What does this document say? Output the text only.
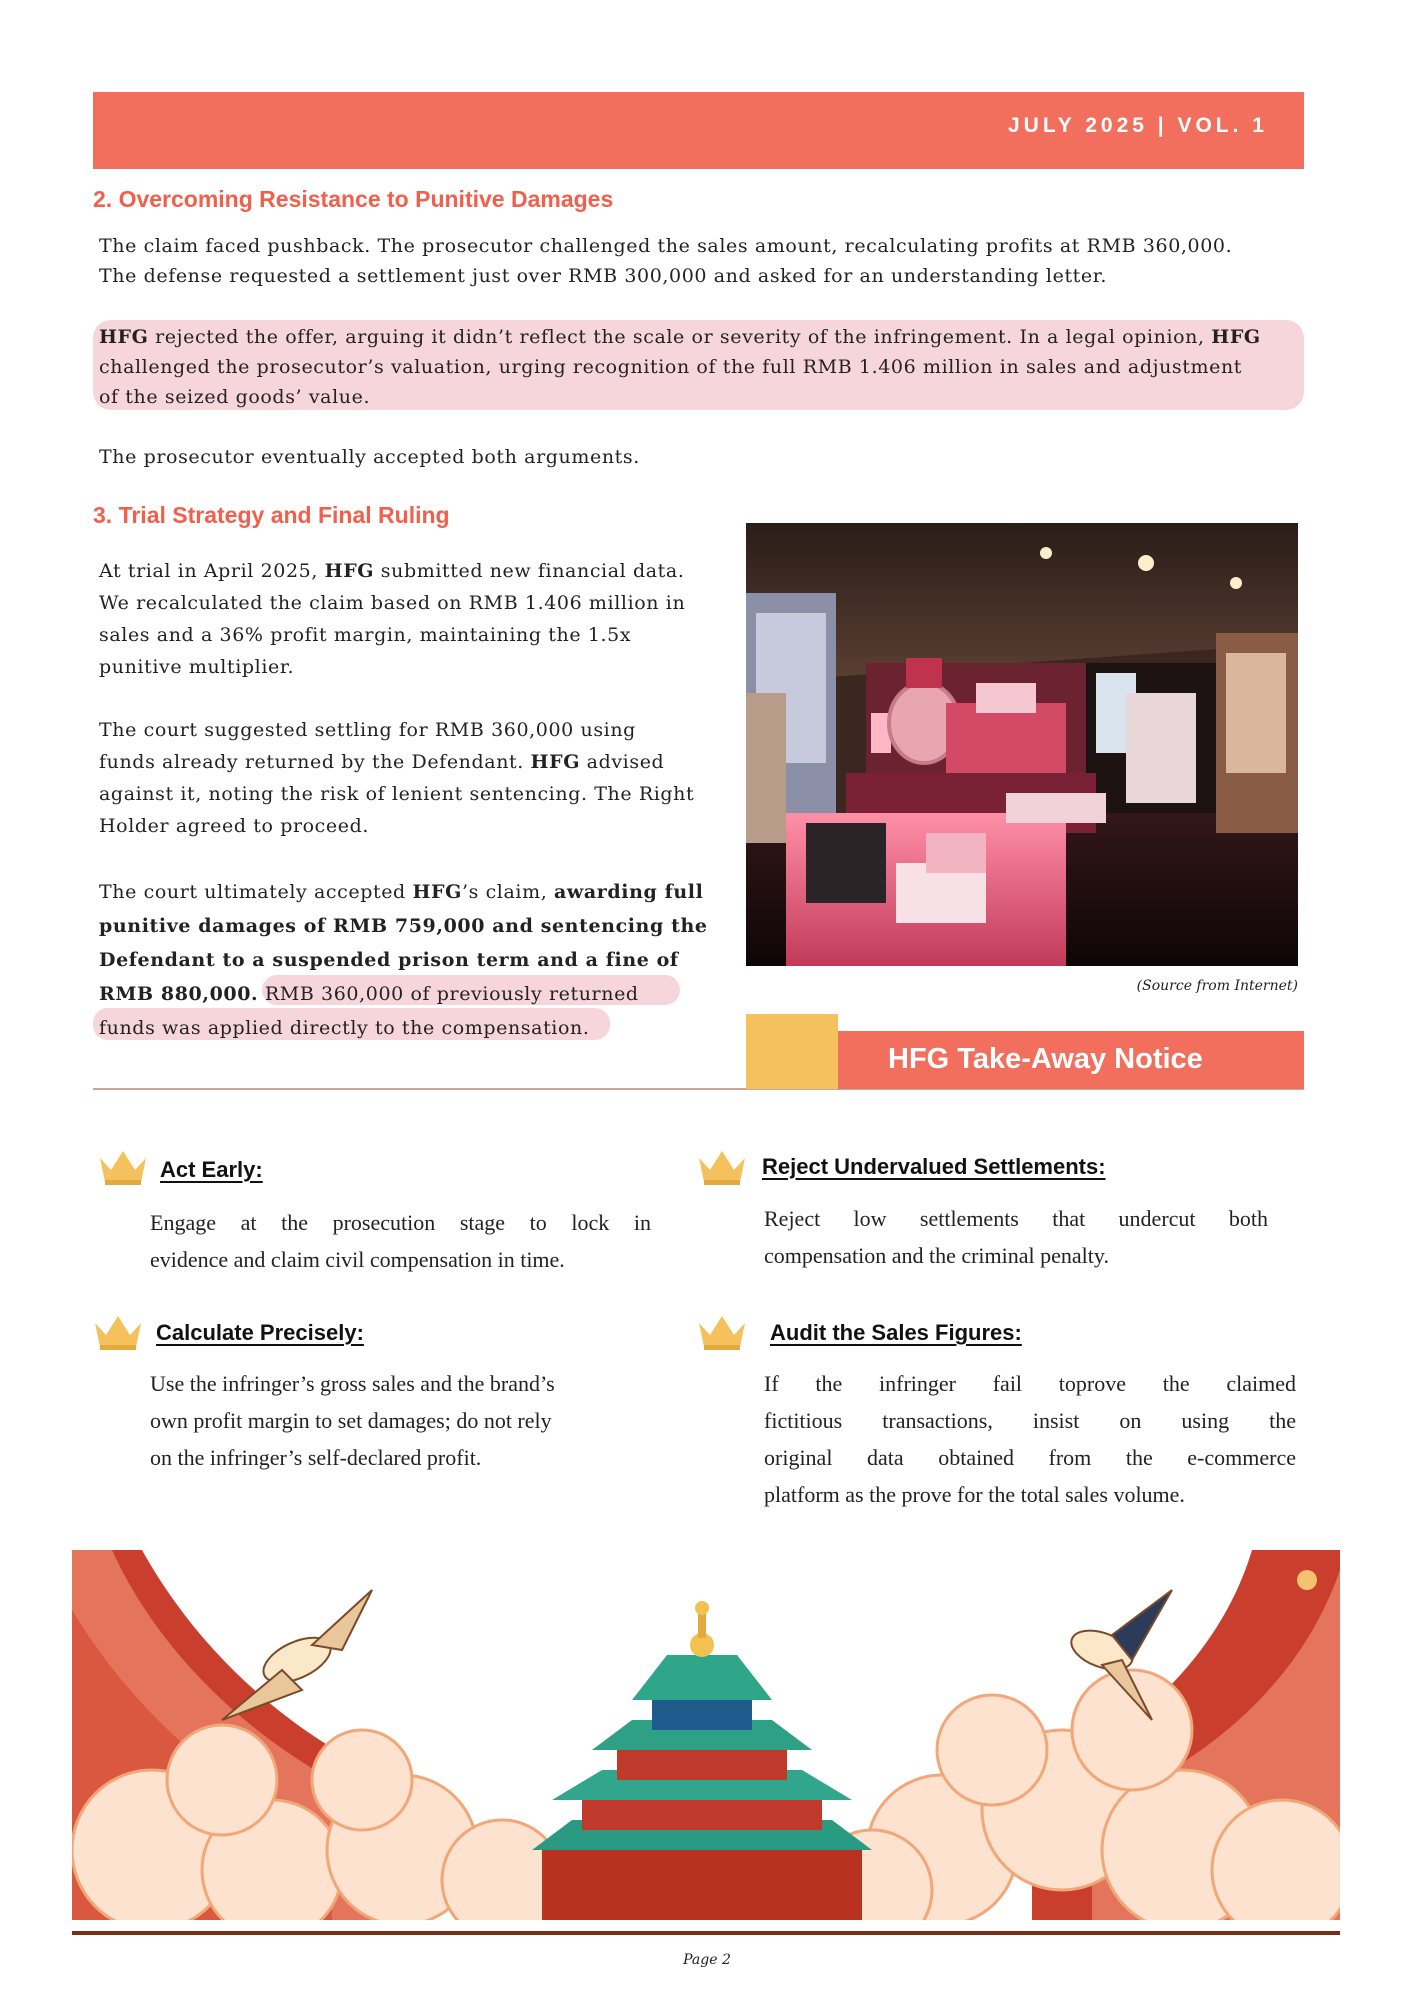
JULY 2025 | VOL. 1
2. Overcoming Resistance to Punitive Damages
The claim faced pushback. The prosecutor challenged the sales amount, recalculating profits at RMB 360,000.
The defense requested a settlement just over RMB 300,000 and asked for an understanding letter.
HFG rejected the offer, arguing it didn’t reflect the scale or severity of the infringement. In a legal opinion, HFG
challenged the prosecutor’s valuation, urging recognition of the full RMB 1.406 million in sales and adjustment
of the seized goods’ value.
The prosecutor eventually accepted both arguments.
3. Trial Strategy and Final Ruling
At trial in April 2025, HFG submitted new financial data.
We recalculated the claim based on RMB 1.406 million in
sales and a 36% profit margin, maintaining the 1.5x
punitive multiplier.
The court suggested settling for RMB 360,000 using
funds already returned by the Defendant. HFG advised
against it, noting the risk of lenient sentencing. The Right
Holder agreed to proceed.
The court ultimately accepted HFG’s claim, awarding full
punitive damages of RMB 759,000 and sentencing the
Defendant to a suspended prison term and a fine of
RMB 880,000. RMB 360,000 of previously returned
funds was applied directly to the compensation.
(Source from Internet)
HFG Take-Away Notice
Act Early:
Engage at the prosecution stage to lock in
evidence and claim civil compensation in time.
Reject Undervalued Settlements:
Reject low settlements that undercut both
compensation and the criminal penalty.
Calculate Precisely:
Use the infringer’s gross sales and the brand’s
own profit margin to set damages; do not rely
on the infringer’s self-declared profit.
Audit the Sales Figures:
If the infringer fail toprove the claimed
fictitious transactions, insist on using the
original data obtained from the e-commerce
platform as the prove for the total sales volume.
Page 2
